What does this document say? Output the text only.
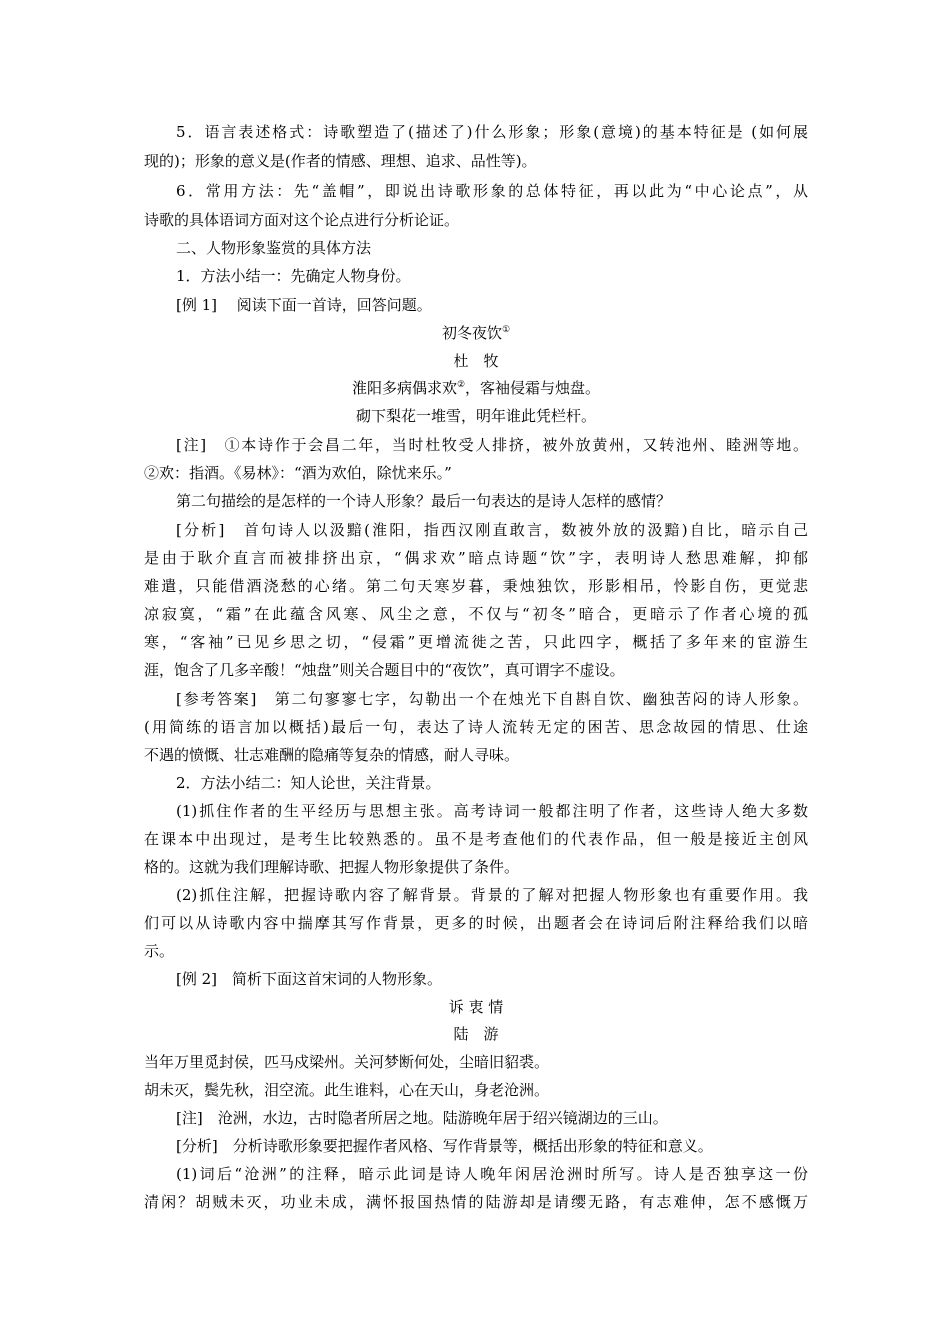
5．语言表述格式：诗歌塑造了(描述了)什么形象；形象(意境)的基本特征是 (如何展
现的)；形象的意义是(作者的情感、理想、追求、品性等)。
6．常用方法：先“盖帽”，即说出诗歌形象的总体特征，再以此为“中心论点”，从
诗歌的具体语词方面对这个论点进行分析论证。
二、人物形象鉴赏的具体方法
1．方法小结一：先确定人物身份。
[例 1]　 阅读下面一首诗，回答问题。
初冬夜饮①
杜　牧
淮阳多病偶求欢②，客袖侵霜与烛盘。
砌下梨花一堆雪，明年谁此凭栏杆。
[注]　①本诗作于会昌二年，当时杜牧受人排挤，被外放黄州，又转池州、睦洲等地。
②欢：指酒。《易林》：“酒为欢伯，除忧来乐。”
第二句描绘的是怎样的一个诗人形象？最后一句表达的是诗人怎样的感情？
[分析]　首句诗人以汲黯(淮阳，指西汉刚直敢言，数被外放的汲黯)自比，暗示自己
是由于耿介直言而被排挤出京，“偶求欢”暗点诗题“饮”字，表明诗人愁思难解，抑郁
难遣，只能借酒浇愁的心绪。第二句天寒岁暮，秉烛独饮，形影相吊，怜影自伤，更觉悲
凉寂寞，“霜”在此蕴含风寒、风尘之意，不仅与“初冬”暗合，更暗示了作者心境的孤
寒，“客袖”已见乡思之切，“侵霜”更增流徙之苦，只此四字，概括了多年来的宦游生
涯，饱含了几多辛酸！“烛盘”则关合题目中的“夜饮”，真可谓字不虚设。
[参考答案]　第二句寥寥七字，勾勒出一个在烛光下自斟自饮、幽独苦闷的诗人形象。
(用简练的语言加以概括)最后一句，表达了诗人流转无定的困苦、思念故园的情思、仕途
不遇的愤慨、壮志难酬的隐痛等复杂的情感，耐人寻味。
2．方法小结二：知人论世，关注背景。
(1)抓住作者的生平经历与思想主张。高考诗词一般都注明了作者，这些诗人绝大多数
在课本中出现过，是考生比较熟悉的。虽不是考查他们的代表作品，但一般是接近主创风
格的。这就为我们理解诗歌、把握人物形象提供了条件。
(2)抓住注解，把握诗歌内容了解背景。背景的了解对把握人物形象也有重要作用。我
们可以从诗歌内容中揣摩其写作背景，更多的时候，出题者会在诗词后附注释给我们以暗
示。
[例 2]　简析下面这首宋词的人物形象。
诉 衷 情
陆　游
当年万里觅封侯，匹马戍梁州。关河梦断何处，尘暗旧貂裘。
胡未灭，鬓先秋，泪空流。此生谁料，心在天山，身老沧洲。
[注]　沧洲，水边，古时隐者所居之地。陆游晚年居于绍兴镜湖边的三山。
[分析]　分析诗歌形象要把握作者风格、写作背景等，概括出形象的特征和意义。
(1)词后“沧洲”的注释，暗示此词是诗人晚年闲居沧洲时所写。诗人是否独享这一份
清闲？胡贼未灭，功业未成，满怀报国热情的陆游却是请缨无路，有志难伸，怎不感慨万
